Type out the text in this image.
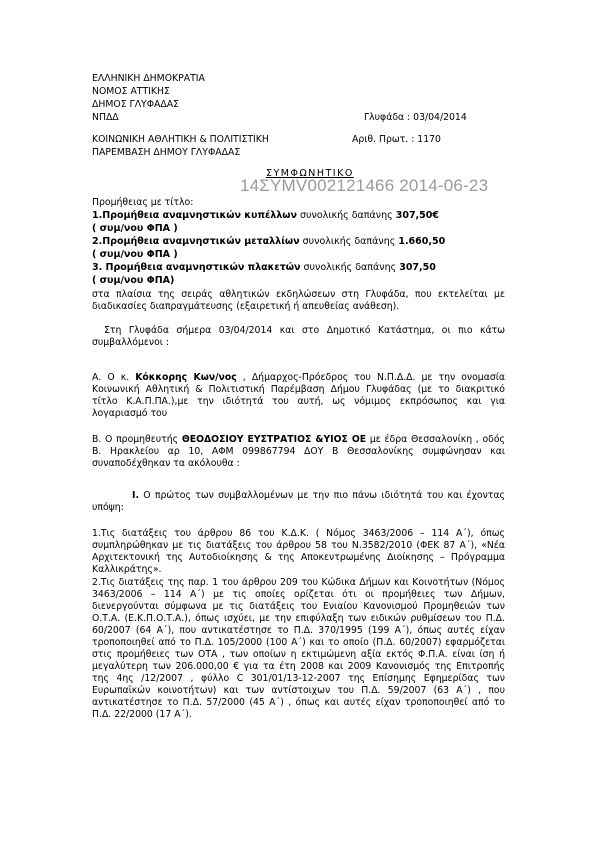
ΕΛΛΗΝΙΚΗ ΔΗΜΟΚΡΑΤΙΑ
ΝΟΜΟΣ ΑΤΤΙΚΗΣ
ΔΗΜΟΣ ΓΛΥΦΑΔΑΣ
ΝΠΔΔ	Γλυφάδα : 03/04/2014
ΚΟΙΝΩΝΙΚΗ ΑΘΛΗΤΙΚΗ & ΠΟΛΙΤΙΣΤΙΚΗ	Αριθ. Πρωτ. : 1170
ΠΑΡΕΜΒΑΣΗ ΔΗΜΟΥ ΓΛΥΦΑΔΑΣ
ΣΥΜΦΩΝΗΤΙΚΟ
14ΣΥΜV002121466 2014-06-23
Προμήθειας με τίτλο:
1.Προμήθεια αναμνηστικών κυπέλλων συνολικής δαπάνης 307,50€
( συμ/νου ΦΠΑ )
2.Προμήθεια αναμνηστικών μεταλλίων συνολικής δαπάνης 1.660,50
( συμ/νου ΦΠΑ )
3. Προμήθεια αναμνηστικών πλακετών συνολικής δαπάνης 307,50
( συμ/νου ΦΠΑ)
στα πλαίσια της σειράς αθλητικών εκδηλώσεων στη Γλυφάδα, που εκτελείται με διαδικασίες διαπραγμάτευσης (εξαιρετική ή απευθείας ανάθεση).
Στη Γλυφάδα σήμερα 03/04/2014 και στο Δημοτικό Κατάστημα, οι πιο κάτω συμβαλλόμενοι :
Α. Ο κ. Κόκκορης Κων/νος , Δήμαρχος-Πρόεδρος του Ν.Π.Δ.Δ. με την ονομασία Κοινωνική Αθλητική & Πολιτιστική Παρέμβαση Δήμου Γλυφάδας (με το διακριτικό τίτλο Κ.Α.Π.ΠΑ.),με την ιδιότητά του αυτή, ως νόμιμος εκπρόσωπος και για λογαριασμό του
Β. Ο προμηθευτής ΘΕΟΔΟΣΙΟΥ ΕΥΣΤΡΑΤΙΟΣ &ΥΙΟΣ ΟΕ με έδρα Θεσσαλονίκη , οδός Β. Ηρακλείου αρ 10, ΑΦΜ 099867794 ΔΟΥ Β Θεσσαλονίκης συμφώνησαν και συναποδέχθηκαν τα ακόλουθα :
Ι. Ο πρώτος των συμβαλλομένων με την πιο πάνω ιδιότητά του και έχοντας υπόψη:
1.Τις διατάξεις του άρθρου 86 του Κ.Δ.Κ. ( Νόμος 3463/2006 – 114 Α΄), όπως συμπληρώθηκαν με τις διατάξεις του άρθρου 58 του Ν.3582/2010 (ΦΕΚ 87 Α΄), «Νέα Αρχιτεκτονική της Αυτοδιοίκησης & της Αποκεντρωμένης Διοίκησης – Πρόγραμμα Καλλικράτης».
2.Τις διατάξεις της παρ. 1 του άρθρου 209 του Κώδικα Δήμων και Κοινοτήτων (Νόμος 3463/2006 – 114 Α΄) με τις οποίες ορίζεται ότι οι προμήθειες των Δήμων, διενεργούνται σύμφωνα με τις διατάξεις του Ενιαίου Κανονισμού Προμηθειών των Ο.Τ.Α. (Ε.Κ.Π.Ο.Τ.Α.), όπως ισχύει, με την επιφύλαξη των ειδικών ρυθμίσεων του Π.Δ. 60/2007 (64 Α΄), που αντικατέστησε το Π.Δ. 370/1995 (199 Α΄), όπως αυτές είχαν τροποποιηθεί από το Π.Δ. 105/2000 (100 Α΄) και το οποίο (Π.Δ. 60/2007) εφαρμόζεται στις προμήθειες των ΟΤΑ , των οποίων η εκτιμώμενη αξία εκτός Φ.Π.Α. είναι ίση ή μεγαλύτερη των 206.000,00 € για τα έτη 2008 και 2009 Κανονισμός της Επιτροπής της 4ης /12/2007 , φύλλο C 301/01/13-12-2007 της Επίσημης Εφημερίδας των Ευρωπαϊκών κοινοτήτων) και των αντίστοιχων του Π.Δ. 59/2007 (63 Α΄) , που αντικατέστησε το Π.Δ. 57/2000 (45 Α΄) , όπως και αυτές είχαν τροποποιηθεί από το Π.Δ. 22/2000 (17 Α΄).
